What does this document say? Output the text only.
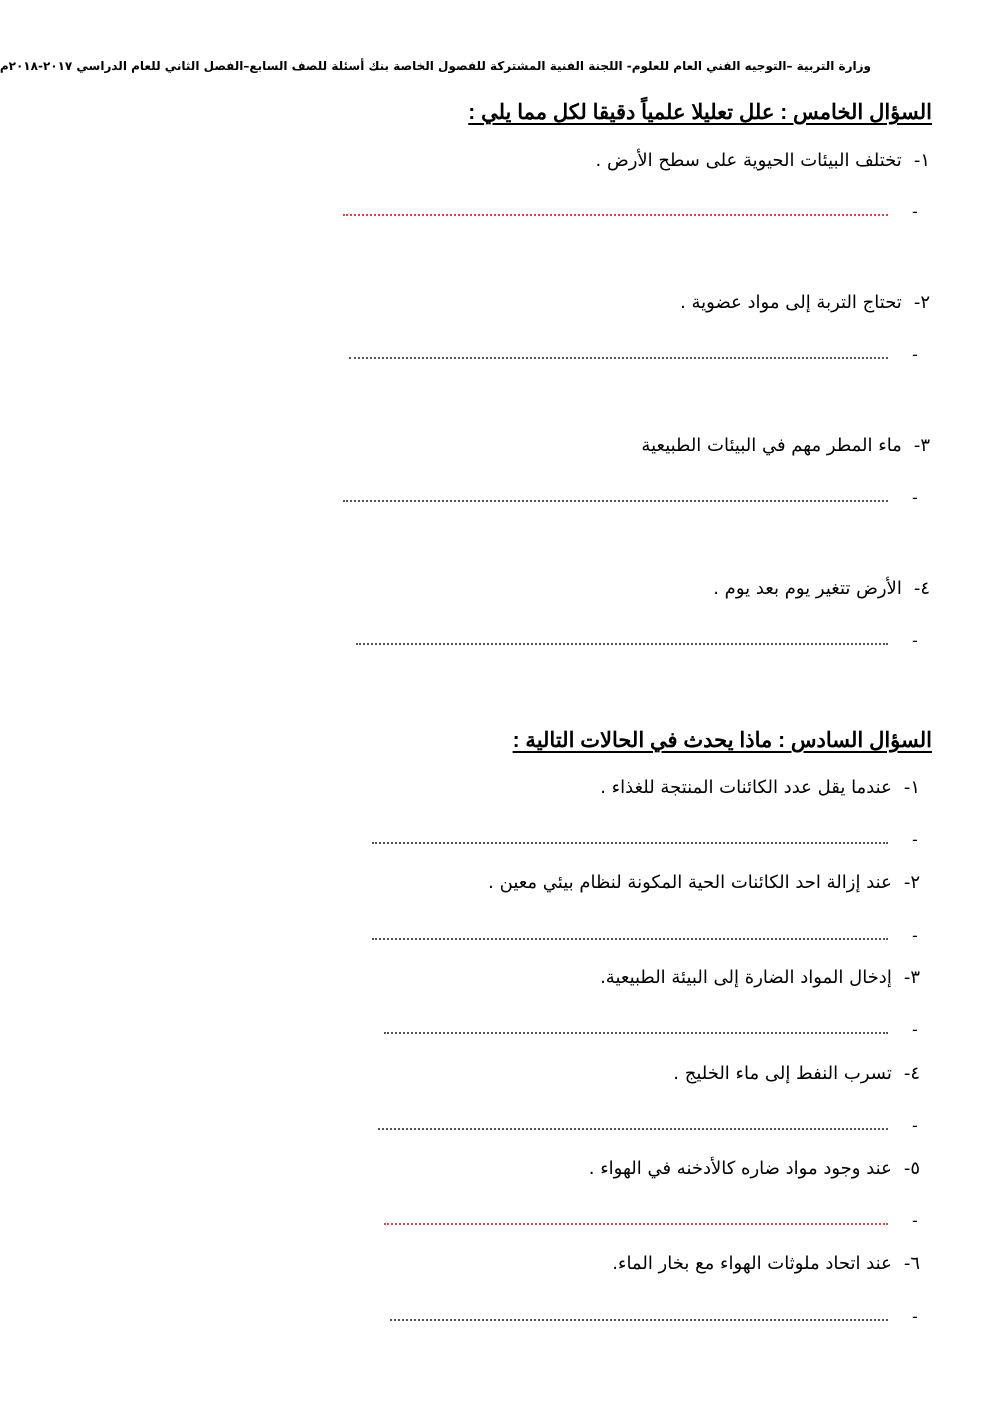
وزارة التربية –التوجيه الفني العام للعلوم- اللجنة الفنية المشتركة للفصول الخاصة بنك أسئلة للصف السابع–الفصل الثاني للعام الدراسي ٢٠١٧-٢٠١٨م
السؤال الخامس : علل تعليلا علمياً دقيقا لكل مما يلي :
١-
تختلف البيئات الحيوية على سطح الأرض .
-
٢-
تحتاج التربة إلى مواد عضوية .
-
٣-
ماء المطر مهم في البيئات الطبيعية
-
٤-
الأرض تتغير يوم بعد يوم .
-
السؤال السادس : ماذا يحدث في الحالات التالية :
١-
عندما يقل عدد الكائنات المنتجة للغذاء .
-
٢-
عند إزالة احد الكائنات الحية المكونة لنظام بيئي معين .
-
٣-
إدخال المواد الضارة إلى البيئة الطبيعية.
-
٤-
تسرب النفط إلى ماء الخليج .
-
٥-
عند وجود مواد ضاره كالأدخنه في الهواء .
-
٦-
عند اتحاد ملوثات الهواء مع بخار الماء.
-
